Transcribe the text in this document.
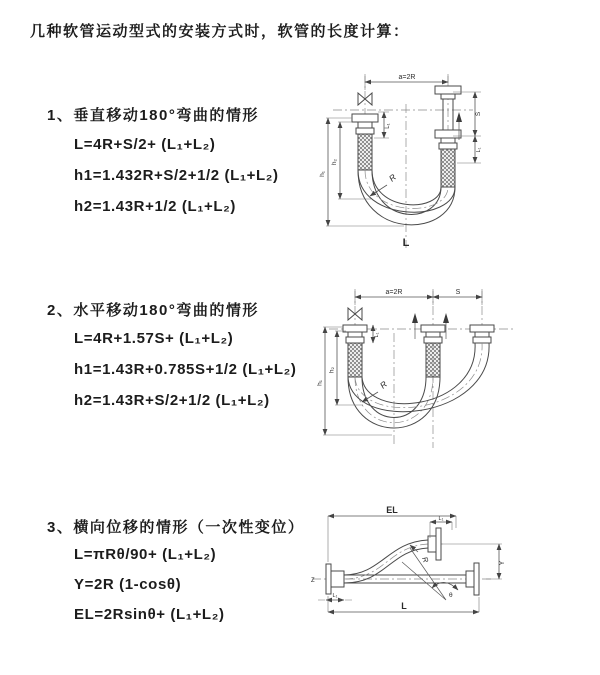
几种软管运动型式的安装方式时，软管的长度计算：
1、垂直移动180°弯曲的情形
L=4R+S/2+ (L₁+L₂)
h1=1.432R+S/2+1/2 (L₁+L₂)
h2=1.43R+1/2 (L₁+L₂)
2、水平移动180°弯曲的情形
L=4R+1.57S+ (L₁+L₂)
h1=1.43R+0.785S+1/2 (L₁+L₂)
h2=1.43R+S/2+1/2 (L₁+L₂)
3、横向位移的情形（一次性变位）
L=πRθ/90+ (L₁+L₂)
Y=2R (1-cosθ)
EL=2Rsinθ+ (L₁+L₂)
a=2R
h₁
h₂
L₁
S
L₁
R
L
a=2R	S
h₁
h₂
L₁
R
Z
θ
R
EL
L₁
Y
L₁
L
